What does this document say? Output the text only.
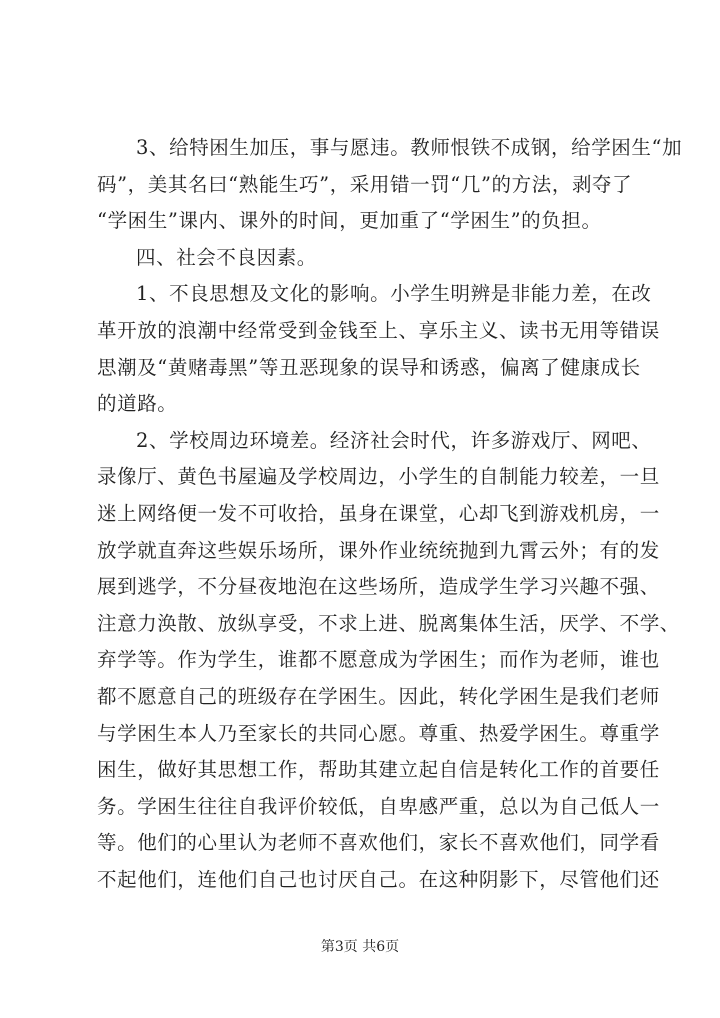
3、给特困生加压，事与愿违。教师恨铁不成钢，给学困生“加
码”，美其名曰“熟能生巧”，采用错一罚“几”的方法，剥夺了
“学困生”课内、课外的时间，更加重了“学困生”的负担。
四、社会不良因素。
1、不良思想及文化的影响。小学生明辨是非能力差，在改
革开放的浪潮中经常受到金钱至上、享乐主义、读书无用等错误
思潮及“黄赌毒黑”等丑恶现象的误导和诱惑，偏离了健康成长
的道路。
2、学校周边环境差。经济社会时代，许多游戏厅、网吧、
录像厅、黄色书屋遍及学校周边，小学生的自制能力较差，一旦
迷上网络便一发不可收拾，虽身在课堂，心却飞到游戏机房，一
放学就直奔这些娱乐场所，课外作业统统抛到九霄云外；有的发
展到逃学，不分昼夜地泡在这些场所，造成学生学习兴趣不强、
注意力涣散、放纵享受，不求上进、脱离集体生活，厌学、不学、
弃学等。作为学生，谁都不愿意成为学困生；而作为老师，谁也
都不愿意自己的班级存在学困生。因此，转化学困生是我们老师
与学困生本人乃至家长的共同心愿。尊重、热爱学困生。尊重学
困生，做好其思想工作，帮助其建立起自信是转化工作的首要任
务。学困生往往自我评价较低，自卑感严重，总以为自己低人一
等。他们的心里认为老师不喜欢他们，家长不喜欢他们，同学看
不起他们，连他们自己也讨厌自己。在这种阴影下，尽管他们还
第3页 共6页
